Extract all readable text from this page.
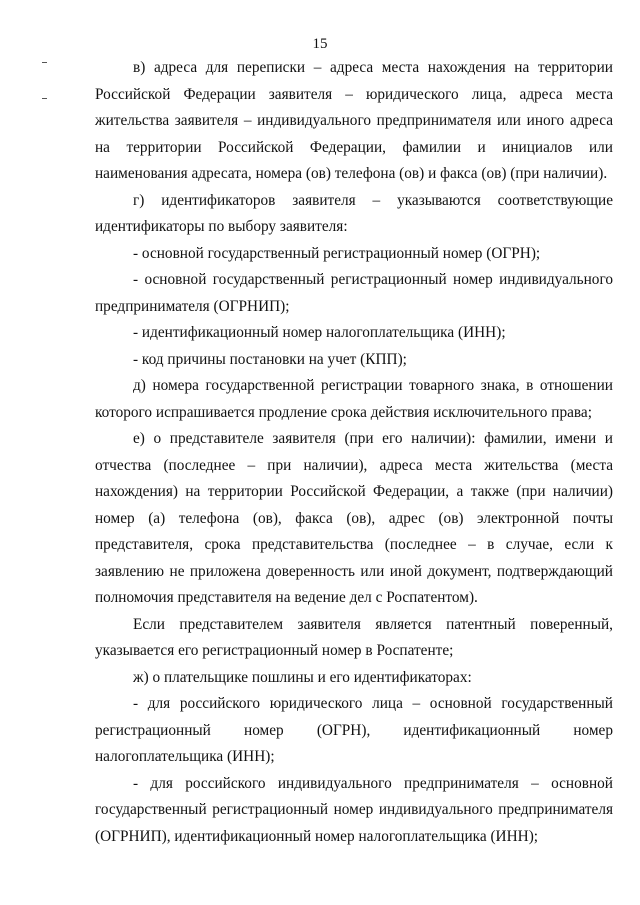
15

в) адреса для переписки – адреса места нахождения на территории Российской Федерации заявителя – юридического лица, адреса места жительства заявителя – индивидуального предпринимателя или иного адреса на территории Российской Федерации, фамилии и инициалов или наименования адресата, номера (ов) телефона (ов) и факса (ов) (при наличии).

г) идентификаторов заявителя – указываются соответствующие идентификаторы по выбору заявителя:

- основной государственный регистрационный номер (ОГРН);

- основной государственный регистрационный номер индивидуального предпринимателя (ОГРНИП);

- идентификационный номер налогоплательщика (ИНН);

- код причины постановки на учет (КПП);

д) номера государственной регистрации товарного знака, в отношении которого испрашивается продление срока действия исключительного права;

е) о представителе заявителя (при его наличии): фамилии, имени и отчества (последнее – при наличии), адреса места жительства (места нахождения) на территории Российской Федерации, а также (при наличии) номер (а) телефона (ов), факса (ов), адрес (ов) электронной почты представителя, срока представительства (последнее – в случае, если к заявлению не приложена доверенность или иной документ, подтверждающий полномочия представителя на ведение дел с Роспатентом).

Если представителем заявителя является патентный поверенный, указывается его регистрационный номер в Роспатенте;

ж) о плательщике пошлины и его идентификаторах:

- для российского юридического лица – основной государственный регистрационный номер (ОГРН), идентификационный номер налогоплательщика (ИНН);

- для российского индивидуального предпринимателя – основной государственный регистрационный номер индивидуального предпринимателя (ОГРНИП), идентификационный номер налогоплательщика (ИНН);
